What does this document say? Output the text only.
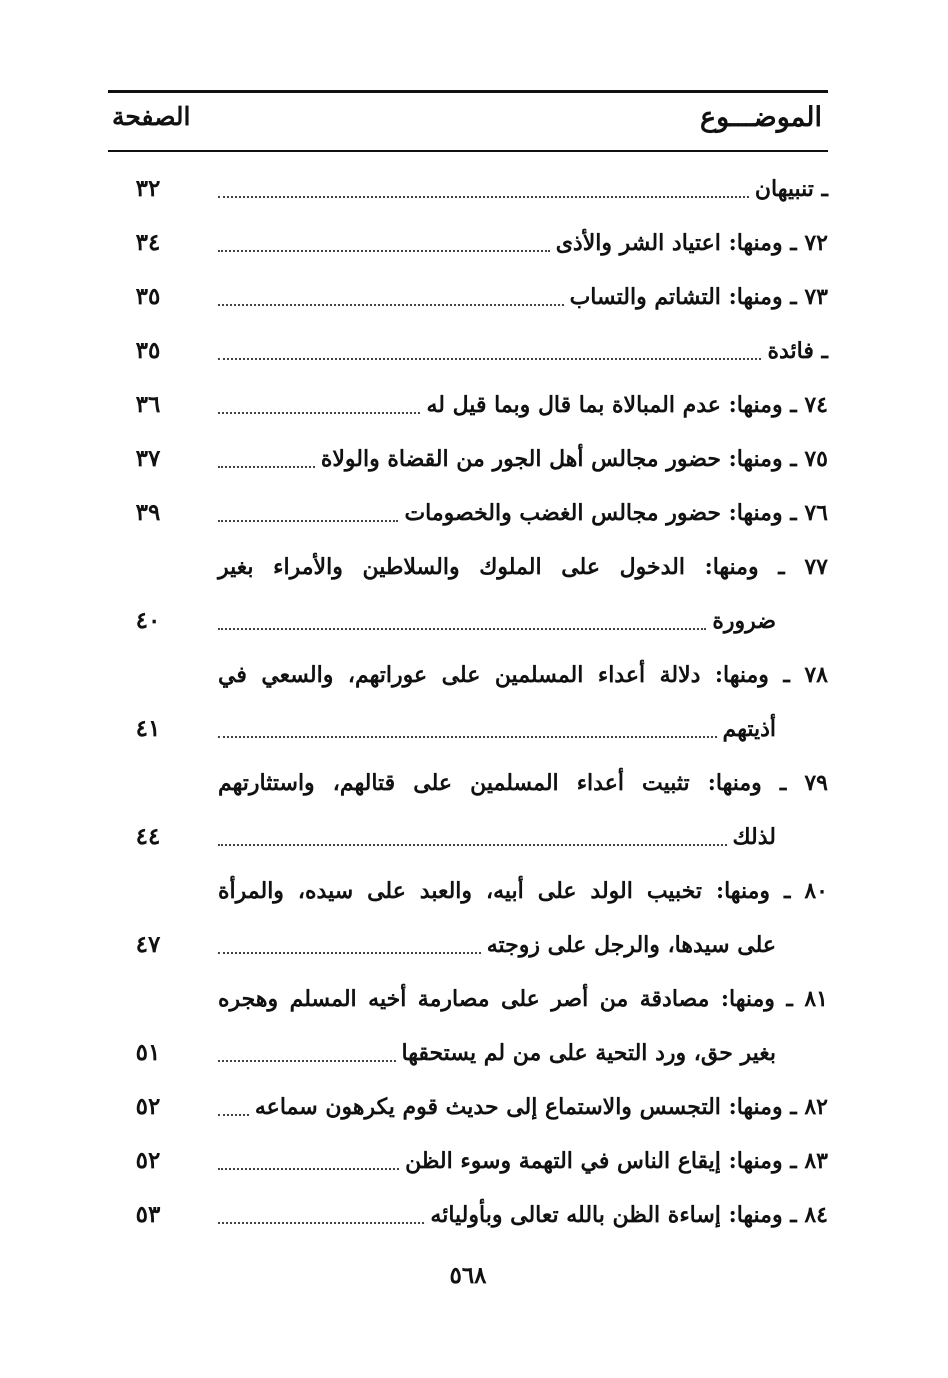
الموضـــوع
الصفحة
٣٢	ـ تنبيهان
٣٤	٧٢ ـ ومنها: اعتياد الشر والأذى
٣٥	٧٣ ـ ومنها: التشاتم والتساب
٣٥	ـ فائدة
٣٦	٧٤ ـ ومنها: عدم المبالاة بما قال وبما قيل له
٣٧	٧٥ ـ ومنها: حضور مجالس أهل الجور من القضاة والولاة
٣٩	٧٦ ـ ومنها: حضور مجالس الغضب والخصومات
٧٧ ـ ومنها: الدخول على الملوك والسلاطين والأمراء بغير
٤٠	ضرورة
٧٨ ـ ومنها: دلالة أعداء المسلمين على عوراتهم، والسعي في
٤١	أذيتهم
٧٩ ـ ومنها: تثبيت أعداء المسلمين على قتالهم، واستثارتهم
٤٤	لذلك
٨٠ ـ ومنها: تخبيب الولد على أبيه، والعبد على سيده، والمرأة
٤٧	على سيدها، والرجل على زوجته
٨١ ـ ومنها: مصادقة من أصر على مصارمة أخيه المسلم وهجره
٥١	بغير حق، ورد التحية على من لم يستحقها
٥٢	٨٢ ـ ومنها: التجسس والاستماع إلى حديث قوم يكرهون سماعه
٥٢	٨٣ ـ ومنها: إيقاع الناس في التهمة وسوء الظن
٥٣	٨٤ ـ ومنها: إساءة الظن بالله تعالى وبأوليائه
٥٦٨
